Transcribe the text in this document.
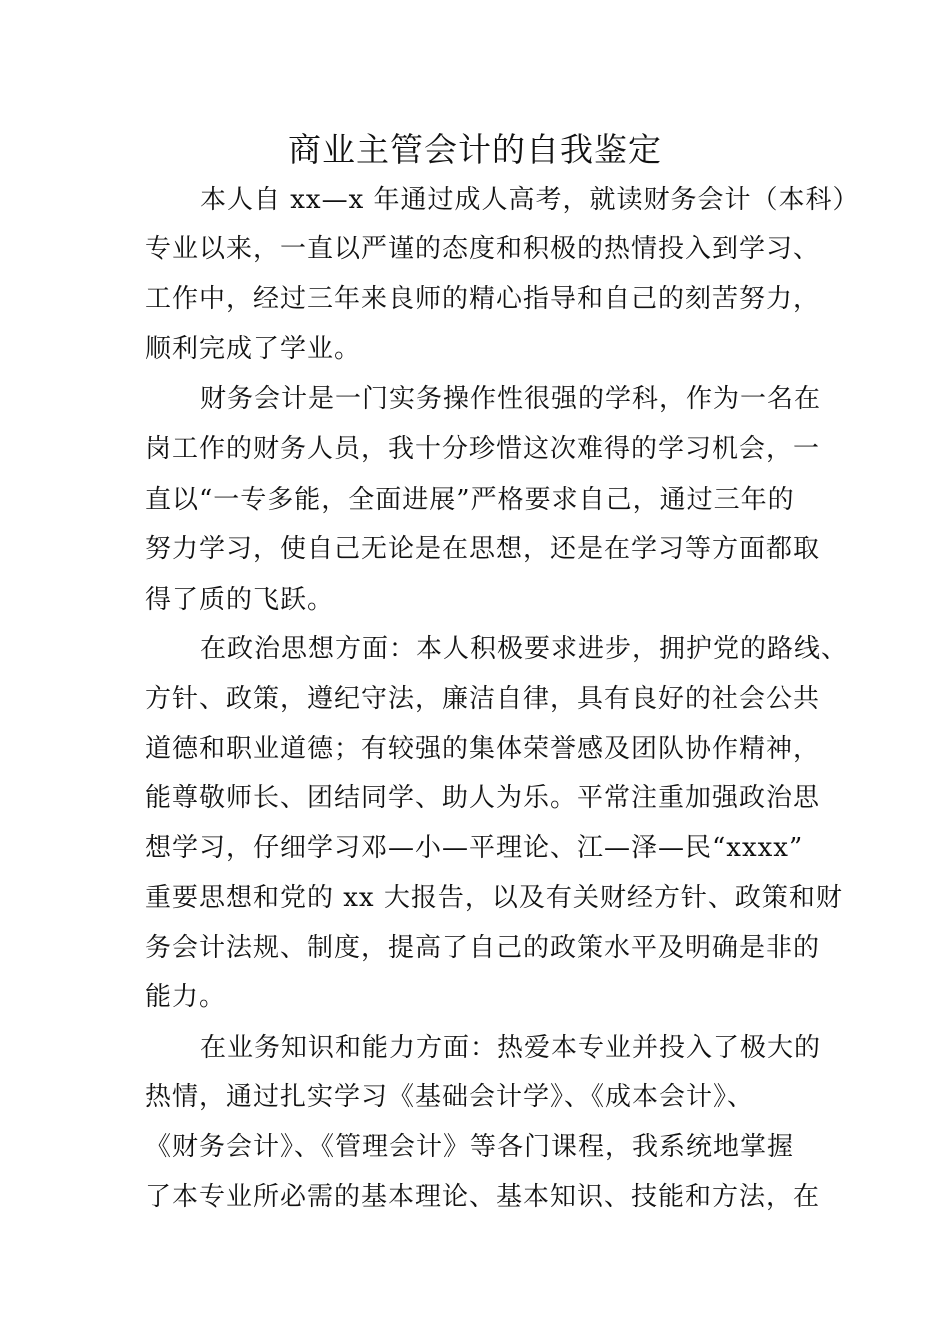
商业主管会计的自我鉴定
本人自 xx—x 年通过成人高考，就读财务会计（本科）
专业以来，一直以严谨的态度和积极的热情投入到学习、
工作中，经过三年来良师的精心指导和自己的刻苦努力，
顺利完成了学业。
财务会计是一门实务操作性很强的学科，作为一名在
岗工作的财务人员，我十分珍惜这次难得的学习机会，一
直以“一专多能，全面进展”严格要求自己，通过三年的
努力学习，使自己无论是在思想，还是在学习等方面都取
得了质的飞跃。
在政治思想方面：本人积极要求进步，拥护党的路线、
方针、政策，遵纪守法，廉洁自律，具有良好的社会公共
道德和职业道德；有较强的集体荣誉感及团队协作精神，
能尊敬师长、团结同学、助人为乐。平常注重加强政治思
想学习，仔细学习邓—小—平理论、江—泽—民“xxxx”
重要思想和党的 xx 大报告，以及有关财经方针、政策和财
务会计法规、制度，提高了自己的政策水平及明确是非的
能力。
在业务知识和能力方面：热爱本专业并投入了极大的
热情，通过扎实学习《基础会计学》、《成本会计》、
《财务会计》、《管理会计》等各门课程，我系统地掌握
了本专业所必需的基本理论、基本知识、技能和方法，在
